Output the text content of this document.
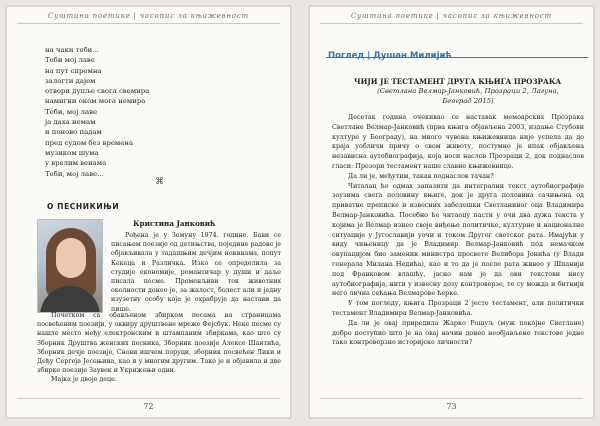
Суштина поетике | часопис за књижевност
на чаки теби...
Теби мој лаве
на пут спремна
залогти дајем
отвори дупље свога свемира
намигни оком мога немира
Теби, мој лаве
ја даха немам
и поново падам
пред судом без времена
музиком шума
у врелим венама
Теби, мој лаве...
⌘
О ПЕСНИКИЊИ
Кристина Јанковић

Рођена је у Земуну 1974. године. Бави се писањем поезије од детињства, поједине радове је објављивала у тадашњим дечјим новинама, попут Кекеца и Различка. Изко се определила за студије економије, романтичар у души и даље писала песме. Променљиви ток животних околности донео је, за жалост, болест али и једну изузетну особу која је охрабрује да настави да пише.

Почетком са обављеном збирком песама на страницама посвећеним поезији, у оквиру друштвене мреже Фејсбук. Неке песме су нашле место међу електронским и штампаним збиркама, као што су Зборник Друштва женских песника, Зборник поезије Алексе Шантића, Зборник дечје поезије, Снови ишчем поруци, зборник посвећен Лики и Деђу Сергеја Јесењина, као и у многим другим. Тако је и објавила и две збирке поезије Заувек и Укрижењи одни.

Мајка је двоје деце.

72
Суштина поетике | часопис за књижевност
Поглед | Душан Милијић
ЧИЈИ ЈЕ ТЕСТАМЕНТ ДРУГА КЊИГА ПРОЗРАКА
(Светлана Велмар-Јанковић, Прозраци 2, Лагуна, Београд 2015)

Десетак година очекивао се наставак мемоарских Прозрака Светлане Велмар-Јанковић (прва књига објављена 2003, издање Стубови културе у Београду), на много чувена књижевница није успела да до краја уобличи причу о свом животу, постумно је ипак објављена независна аутобиографија, која носи наслов Прозраци 2, док поднаслов гласи: Прозори тестамент наше славне књижевнице.

Да ли је, међутим, такав поднаслов тачан?

Читалац ће одмах запазити да интегрални текст аутобиографије заузима свега половину књиге, док је друга половина сачињена од приватне преписке и извесних забелешки Светланиног оца Владимира Велмар-Јанковића. Посебно ће читаоцу пасти у очи два дужа текста у којима је Велмар изнео своје виђење политичке, културне и националне ситуације у Југославији уочи и током Другог светског рата. Имајући у виду чињеницу да је Владимир Велмар-Јанковић под немачком окупацијом био заменик министра просвете Велибора Јонића (у Влади генерала Милана Недића), као и то да је после рата живео у Шпанији под Франковом влашћу, јасно нам је да ови текстови нису аутобиографија, нити у извесну дозу контроверзе, те су можда и битнији него лична сећања Велмарове ћерке.

У том погледу, књига Прозраци 2 јесте тестамент, али политички тестамент Владимира Велмар-Јанковића.

Да ли је овај приредила Жарко Рошуљ (муж покојне Светлане) добро поступио што је на овај начин донео необјављене текстове једне тако контроверзне историјске личности?

73
